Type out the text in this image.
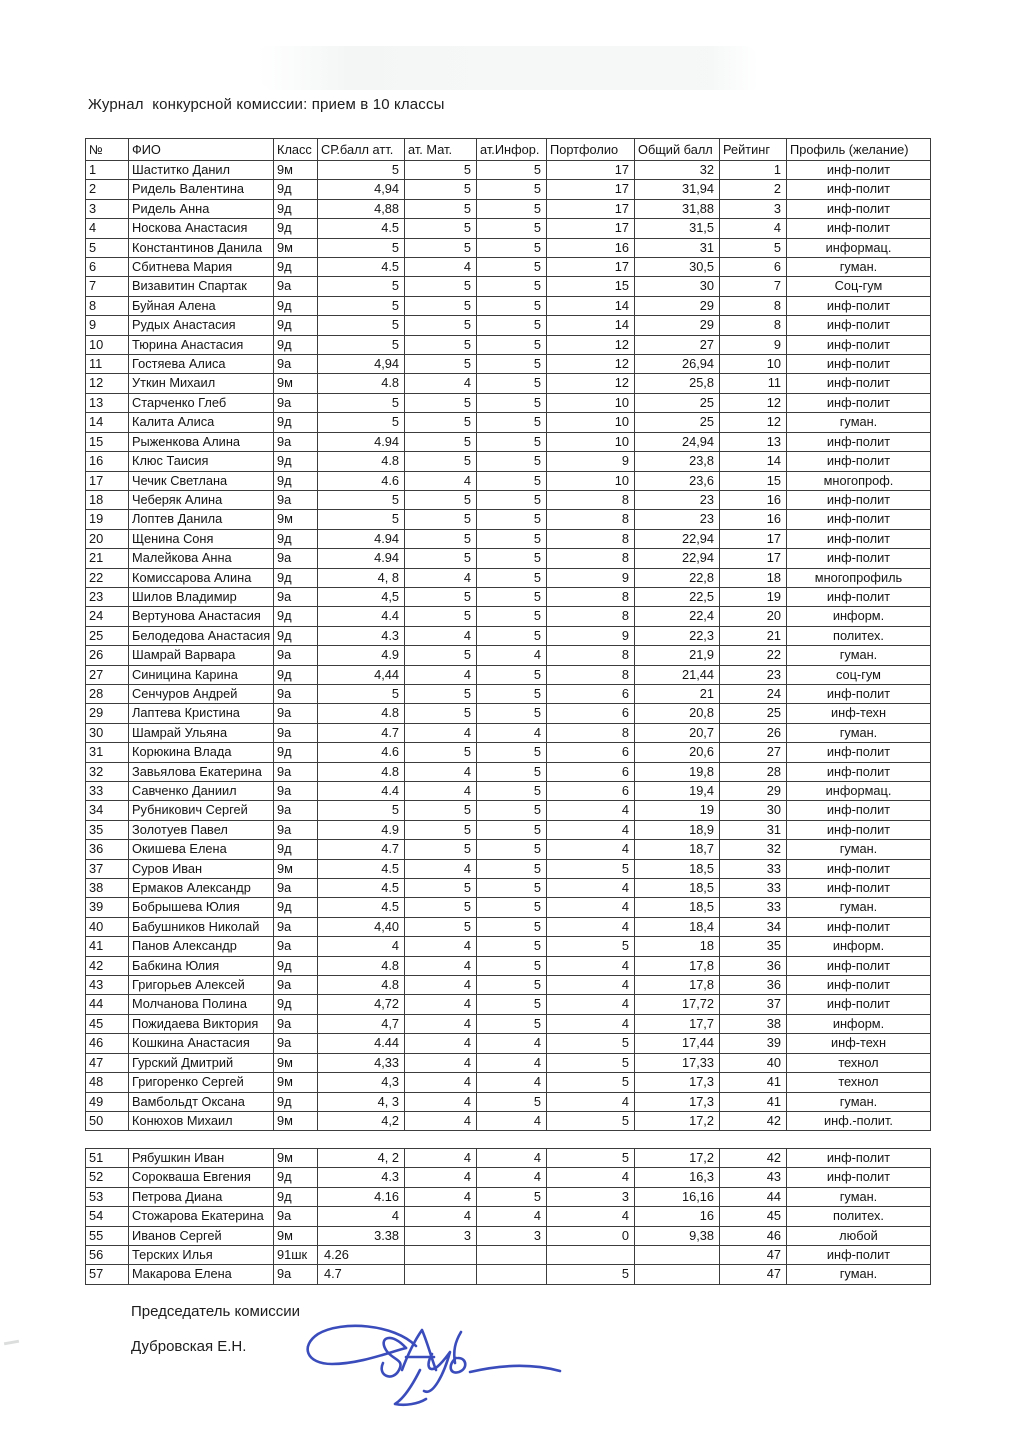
Журнал  конкурсной комиссии: прием в 10 классы
№	ФИО	Класс	СР.балл атт.	ат. Мат.	ат.Инфор.	Портфолио	Общий балл	Рейтинг	Профиль (желание)
1	Шаститко Данил	9м	5	5	5	17	32	1	инф-полит
2	Ридель Валентина	9д	4,94	5	5	17	31,94	2	инф-полит
3	Ридель Анна	9д	4,88	5	5	17	31,88	3	инф-полит
4	Носкова Анастасия	9д	4.5	5	5	17	31,5	4	инф-полит
5	Константинов Данила	9м	5	5	5	16	31	5	информац.
6	Сбитнева Мария	9д	4.5	4	5	17	30,5	6	гуман.
7	Визавитин Спартак	9а	5	5	5	15	30	7	Соц-гум
8	Буйная Алена	9д	5	5	5	14	29	8	инф-полит
9	Рудых Анастасия	9д	5	5	5	14	29	8	инф-полит
10	Тюрина Анастасия	9д	5	5	5	12	27	9	инф-полит
11	Гостяева Алиса	9а	4,94	5	5	12	26,94	10	инф-полит
12	Уткин Михаил	9м	4.8	4	5	12	25,8	11	инф-полит
13	Старченко Глеб	9а	5	5	5	10	25	12	инф-полит
14	Калита Алиса	9д	5	5	5	10	25	12	гуман.
15	Рыженкова Алина	9а	4.94	5	5	10	24,94	13	инф-полит
16	Клюс Таисия	9д	4.8	5	5	9	23,8	14	инф-полит
17	Чечик Светлана	9д	4.6	4	5	10	23,6	15	многопроф.
18	Чеберяк Алина	9а	5	5	5	8	23	16	инф-полит
19	Лоптев Данила	9м	5	5	5	8	23	16	инф-полит
20	Щенина Соня	9д	4.94	5	5	8	22,94	17	инф-полит
21	Малейкова Анна	9а	4.94	5	5	8	22,94	17	инф-полит
22	Комиссарова Алина	9д	4, 8	4	5	9	22,8	18	многопрофиль
23	Шилов Владимир	9а	4,5	5	5	8	22,5	19	инф-полит
24	Вертунова Анастасия	9д	4.4	5	5	8	22,4	20	информ.
25	Белодедова Анастасия	9д	4.3	4	5	9	22,3	21	политех.
26	Шамрай Варвара	9а	4.9	5	4	8	21,9	22	гуман.
27	Синицина Карина	9д	4,44	4	5	8	21,44	23	соц-гум
28	Сенчуров Андрей	9а	5	5	5	6	21	24	инф-полит
29	Лаптева Кристина	9а	4.8	5	5	6	20,8	25	инф-техн
30	Шамрай Ульяна	9а	4.7	4	4	8	20,7	26	гуман.
31	Корюкина Влада	9д	4.6	5	5	6	20,6	27	инф-полит
32	Завьялова Екатерина	9а	4.8	4	5	6	19,8	28	инф-полит
33	Савченко Даниил	9а	4.4	4	5	6	19,4	29	информац.
34	Рубникович Сергей	9а	5	5	5	4	19	30	инф-полит
35	Золотуев Павел	9а	4.9	5	5	4	18,9	31	инф-полит
36	Окишева Елена	9д	4.7	5	5	4	18,7	32	гуман.
37	Суров Иван	9м	4.5	4	5	5	18,5	33	инф-полит
38	Ермаков Александр	9а	4.5	5	5	4	18,5	33	инф-полит
39	Бобрышева Юлия	9д	4.5	5	5	4	18,5	33	гуман.
40	Бабушников Николай	9а	4,40	5	5	4	18,4	34	инф-полит
41	Панов Александр	9а	4	4	5	5	18	35	информ.
42	Бабкина Юлия	9д	4.8	4	5	4	17,8	36	инф-полит
43	Григорьев Алексей	9а	4.8	4	5	4	17,8	36	инф-полит
44	Молчанова Полина	9д	4,72	4	5	4	17,72	37	инф-полит
45	Пожидаева Виктория	9а	4,7	4	5	4	17,7	38	информ.
46	Кошкина Анастасия	9а	4.44	4	4	5	17,44	39	инф-техн
47	Гурский Дмитрий	9м	4,33	4	4	5	17,33	40	технол
48	Григоренко Сергей	9м	4,3	4	4	5	17,3	41	технол
49	Вамбольдт Оксана	9д	4, 3	4	5	4	17,3	41	гуман.
50	Конюхов Михаил	9м	4,2	4	4	5	17,2	42	инф.-полит.
51	Рябушкин Иван	9м	4, 2	4	4	5	17,2	42	инф-полит
52	Сорокваша Евгения	9д	4.3	4	4	4	16,3	43	инф-полит
53	Петрова Диана	9д	4.16	4	5	3	16,16	44	гуман.
54	Стожарова Екатерина	9а	4	4	4	4	16	45	политех.
55	Иванов Сергей	9м	3.38	3	3	0	9,38	46	любой
56	Терских Илья	91шк	4.26					47	инф-полит
57	Макарова Елена	9а	4.7			5		47	гуман.
Председатель комиссии
Дубровская Е.Н.
